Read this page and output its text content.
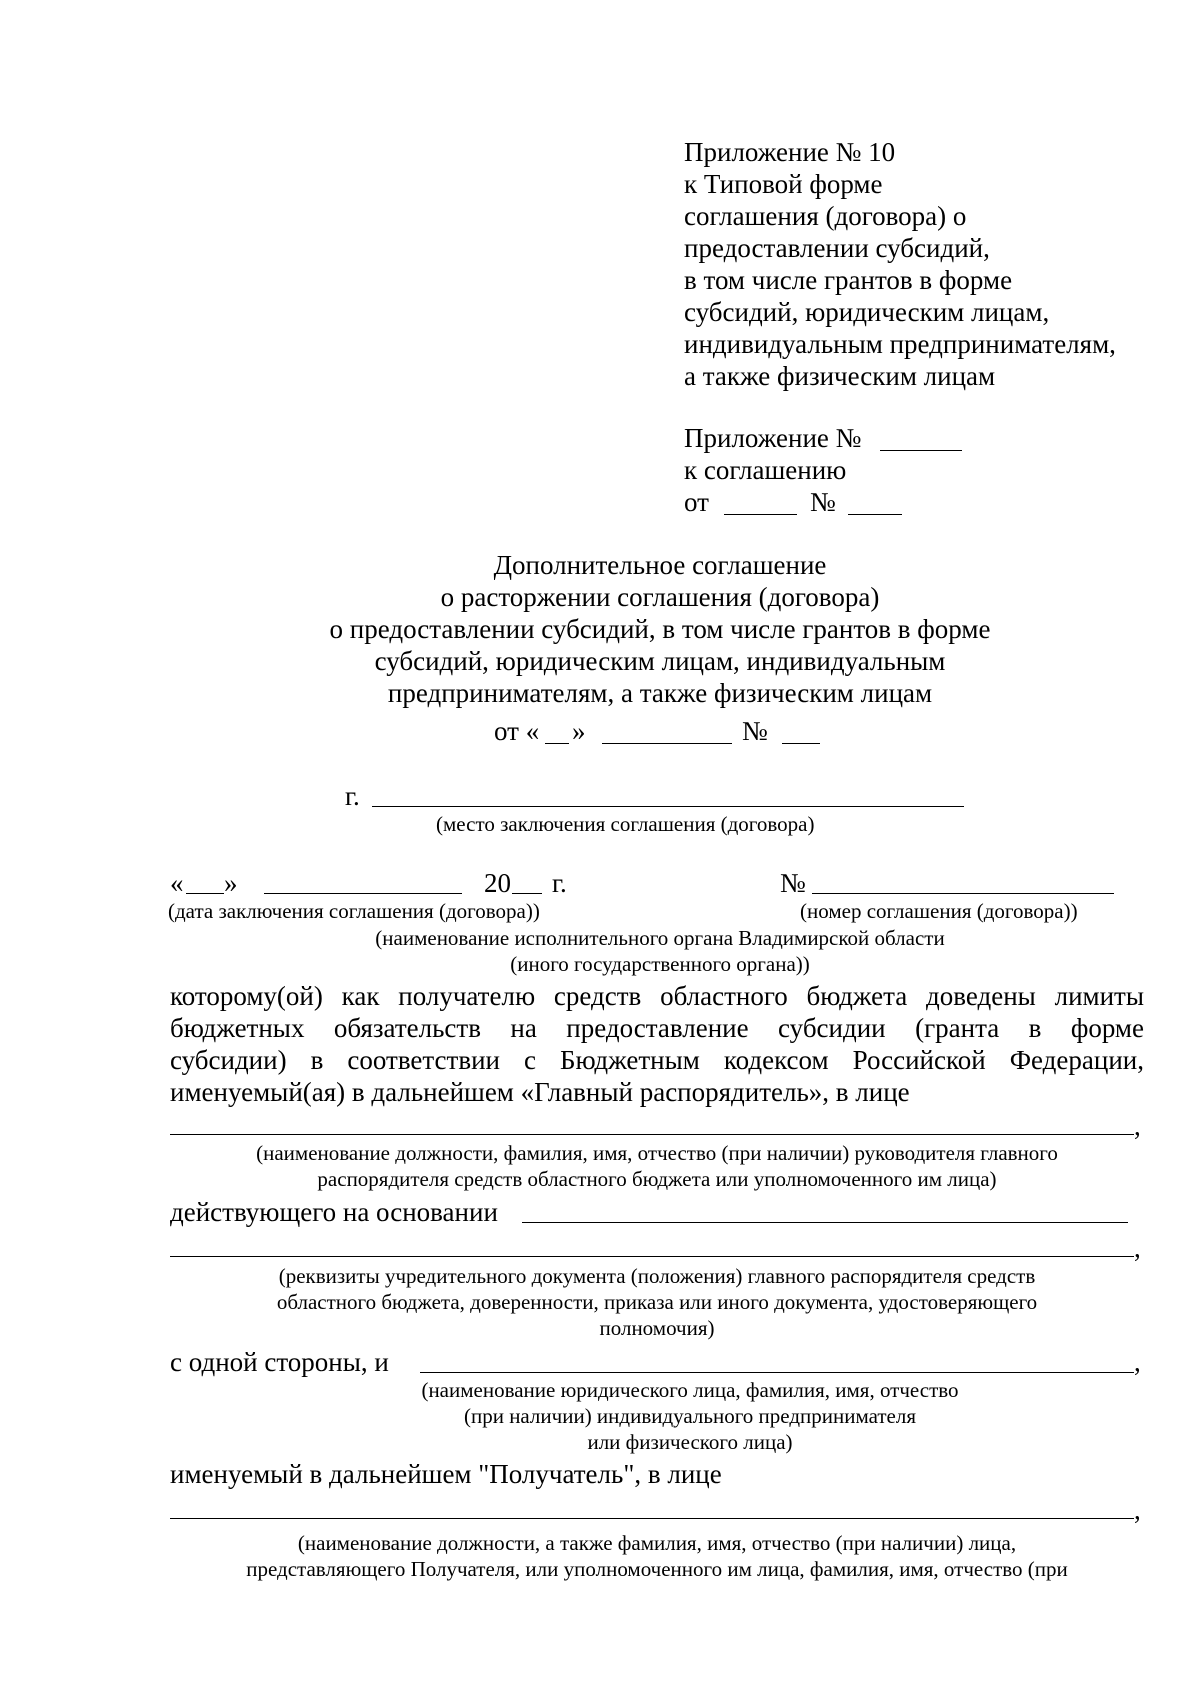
Приложение № 10
к Типовой форме
соглашения (договора) о
предоставлении субсидий,
в том числе грантов в форме
субсидий, юридическим лицам,
индивидуальным предпринимателям,
а также физическим лицам
Приложение №
к соглашению
от	№
Дополнительное соглашение
о расторжении соглашения (договора)
о предоставлении субсидий, в том числе грантов в форме
субсидий, юридическим лицам, индивидуальным
предпринимателям, а также физическим лицам
от « »	№
г.
(место заключения соглашения (договора)
« »	20 г.	№
(дата заключения соглашения (договора))	(номер соглашения (договора))
(наименование исполнительного органа Владимирской области
(иного государственного органа))
которому(ой) как получателю средств областного бюджета доведены лимиты
бюджетных обязательств на предоставление субсидии (гранта в форме
субсидии) в соответствии с Бюджетным кодексом Российской Федерации,
именуемый(ая) в дальнейшем «Главный распорядитель», в лице
,
(наименование должности, фамилия, имя, отчество (при наличии) руководителя главного
распорядителя средств областного бюджета или уполномоченного им лица)
действующего на основании
,
(реквизиты учредительного документа (положения) главного распорядителя средств
областного бюджета, доверенности, приказа или иного документа, удостоверяющего
полномочия)
с одной стороны, и	,
(наименование юридического лица, фамилия, имя, отчество
(при наличии) индивидуального предпринимателя
или физического лица)
именуемый в дальнейшем "Получатель", в лице
,
(наименование должности, а также фамилия, имя, отчество (при наличии) лица,
представляющего Получателя, или уполномоченного им лица, фамилия, имя, отчество (при
